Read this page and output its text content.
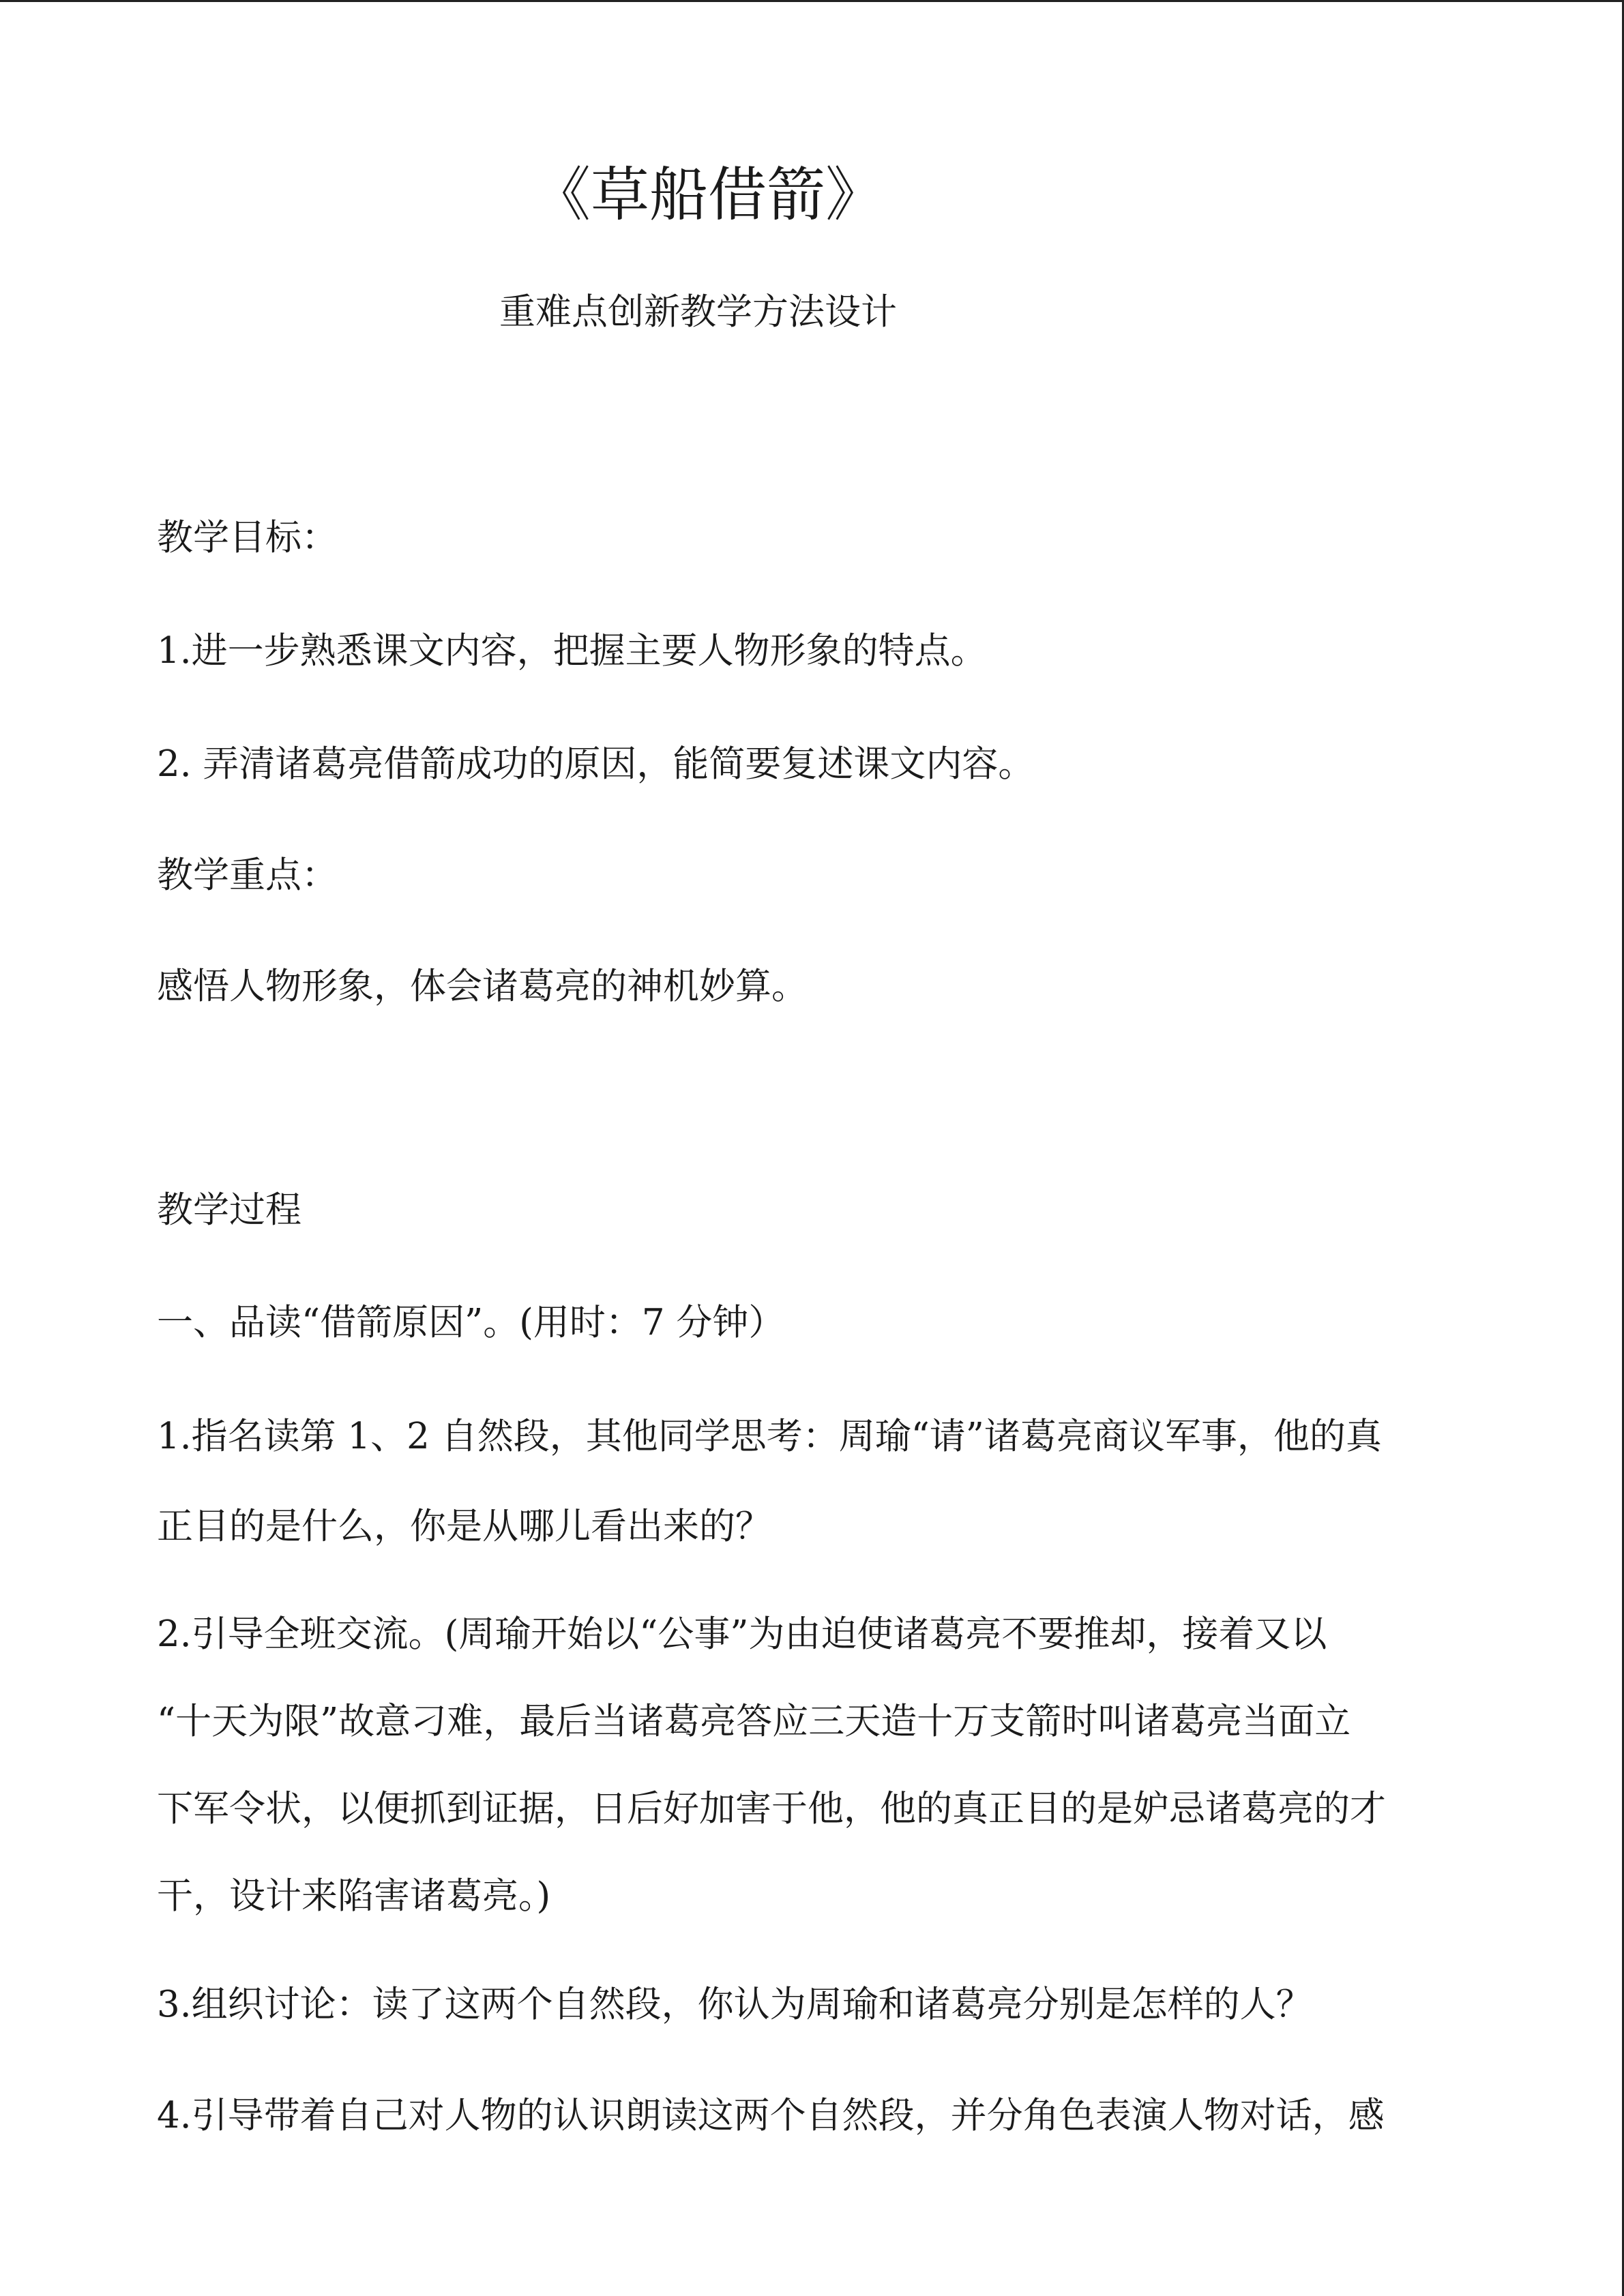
《草船借箭》
重难点创新教学方法设计

教学目标：

1.进一步熟悉课文内容，把握主要人物形象的特点。

2. 弄清诸葛亮借箭成功的原因，能简要复述课文内容。

教学重点：

感悟人物形象，体会诸葛亮的神机妙算。

教学过程

一、品读“借箭原因”。(用时：7 分钟）

1.指名读第 1、2 自然段，其他同学思考：周瑜“请”诸葛亮商议军事，他的真

正目的是什么，你是从哪儿看出来的？

2.引导全班交流。(周瑜开始以“公事”为由迫使诸葛亮不要推却，接着又以

“十天为限”故意刁难，最后当诸葛亮答应三天造十万支箭时叫诸葛亮当面立

下军令状，以便抓到证据，日后好加害于他，他的真正目的是妒忌诸葛亮的才

干，设计来陷害诸葛亮。)

3.组织讨论：读了这两个自然段，你认为周瑜和诸葛亮分别是怎样的人？

4.引导带着自己对人物的认识朗读这两个自然段，并分角色表演人物对话，感
